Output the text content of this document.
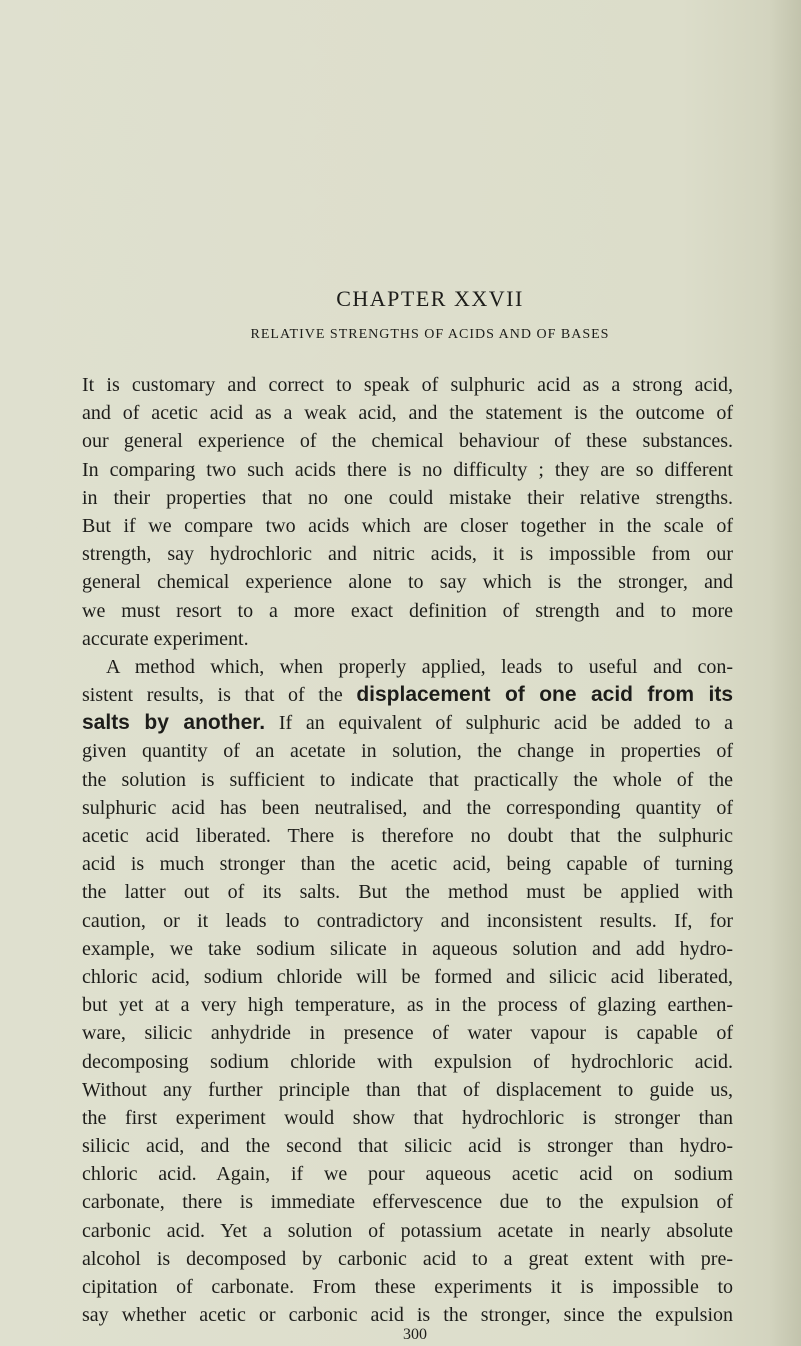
CHAPTER XXVII
RELATIVE STRENGTHS OF ACIDS AND OF BASES
It is customary and correct to speak of sulphuric acid as a strong acid,
and of acetic acid as a weak acid, and the statement is the outcome of
our general experience of the chemical behaviour of these substances.
In comparing two such acids there is no difficulty ; they are so different
in their properties that no one could mistake their relative strengths.
But if we compare two acids which are closer together in the scale of
strength, say hydrochloric and nitric acids, it is impossible from our
general chemical experience alone to say which is the stronger, and
we must resort to a more exact definition of strength and to more
accurate experiment.
A method which, when properly applied, leads to useful and con-
sistent results, is that of the displacement of one acid from its
salts by another. If an equivalent of sulphuric acid be added to a
given quantity of an acetate in solution, the change in properties of
the solution is sufficient to indicate that practically the whole of the
sulphuric acid has been neutralised, and the corresponding quantity of
acetic acid liberated. There is therefore no doubt that the sulphuric
acid is much stronger than the acetic acid, being capable of turning
the latter out of its salts. But the method must be applied with
caution, or it leads to contradictory and inconsistent results. If, for
example, we take sodium silicate in aqueous solution and add hydro-
chloric acid, sodium chloride will be formed and silicic acid liberated,
but yet at a very high temperature, as in the process of glazing earthen-
ware, silicic anhydride in presence of water vapour is capable of
decomposing sodium chloride with expulsion of hydrochloric acid.
Without any further principle than that of displacement to guide us,
the first experiment would show that hydrochloric is stronger than
silicic acid, and the second that silicic acid is stronger than hydro-
chloric acid. Again, if we pour aqueous acetic acid on sodium
carbonate, there is immediate effervescence due to the expulsion of
carbonic acid. Yet a solution of potassium acetate in nearly absolute
alcohol is decomposed by carbonic acid to a great extent with pre-
cipitation of carbonate. From these experiments it is impossible to
say whether acetic or carbonic acid is the stronger, since the expulsion
300
